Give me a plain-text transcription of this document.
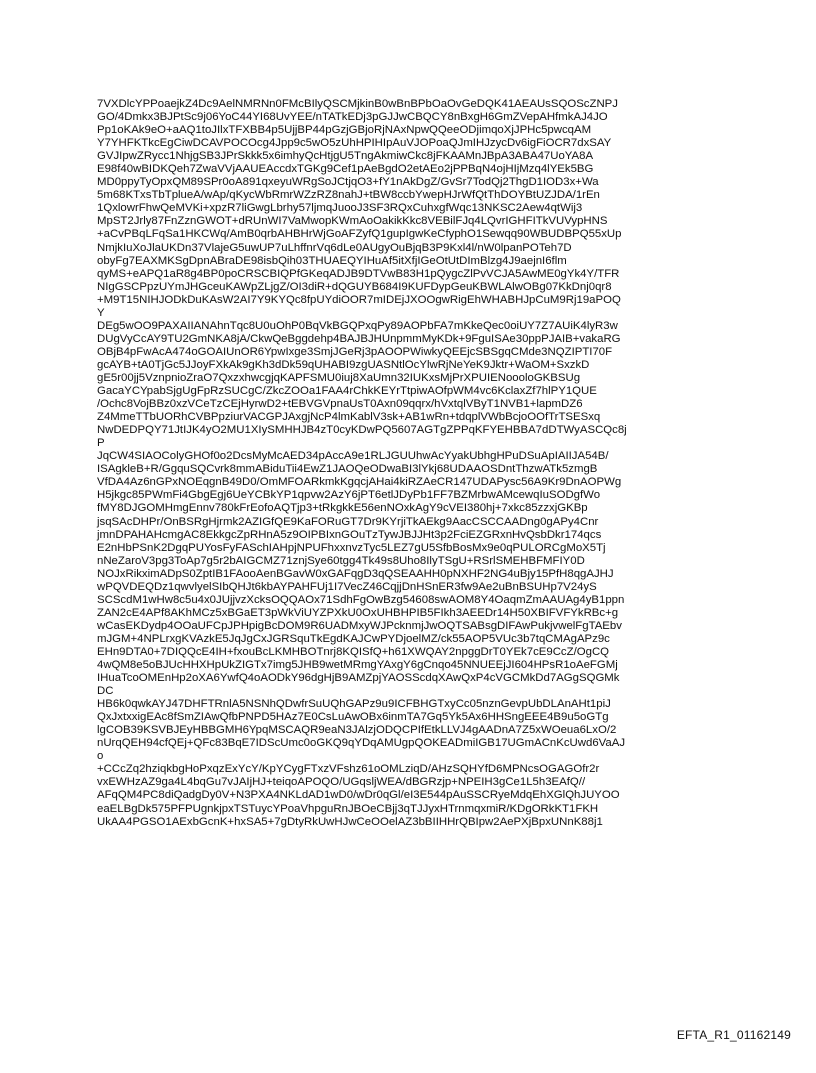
7VXDlcYPPoaejkZ4Dc9AelNMRNn0FMcBIlyQSCMjkinB0wBnBPbOaOvGeDQK41AEAUsSQOScZNPJ
GO/4Dmkx3BJPtSc9j06YoC44YI68UvYEE/nTATkEDj3pGJJwCBQCY8nBxgH6GmZVepAHfmkAJ4JO
Pp1oKAk9eO+aAQ1toJIlxTFXBB4p5UjjBP44pGzjGBjoRjNAxNpwQQeeODjimqoXjJPHc5pwcqAM
Y7YHFKTkcEgCiwDCAVPOCOcg4Jpp9c5wO5zUhHPIHIpAuVJOPoaQJmIHJzycDv6igFiOCR7dxSAY
GVJIpwZRycc1NhjgSB3JPrSkkk5x6imhyQcHtjgU5TngAkmiwCkc8jFKAAMnJBpA3ABA47UoYA8A
E98f40wBIDKQeh7ZwaVVjAAUEAccdxTGKg9Cef1pAeBgdO2etAEo2jPPBqN4ojHIjMzq4lYEk5BG
MD0ppyTyOpxQM89SPr0oA891qxeyuWRgSoJCtjqO3+fY1nAkDgZ/GvSr7TodQj2ThgD1IOD3x+Wa
5m68KTxsTbTplueA/wAp/qKycWbRmrWZzRZ8nahJ+tBW8ccbYwepHJrWfQtThDOYBtUZJDA/1rEn
1QxlowrFhwQeMVKi+xpzR7liGwgLbrhy57ljmqJuooJ3SF3RQxCuhxgfWqc13NKSC2Aew4qtWij3
MpST2Jrly87FnZznGWOT+dRUnWI7VaMwopKWmAoOakikKkc8VEBilFJq4LQvrIGHFITkVUVypHNS
+aCvPBqLFqSa1HKCWq/AmB0qrbAHBHrWjGoAFZyfQ1gupIgwKeCfyphO1Sewqq90WBUDBPQ55xUp
NmjkIuXoJlaUKDn37VlajeG5uwUP7uLhffnrVq6dLe0AUgyOuBjqB3P9Kxl4l/nW0lpanPOTeh7D
obyFg7EAXMKSgDpnABraDE98isbQih03THUAEQYIHuAf5itXfjIGeOtUtDImBlzg4J9aejnI6flm
qyMS+eAPQ1aR8g4BP0poCRSCBIQPfGKeqADJB9DTVwB83H1pQygcZlPvVCJA5AwME0gYk4Y/TFR
NIgGSCPpzUYmJHGceuKAWpZLjgZ/OI3diR+dQGUYB684I9KUFDypGeuKBWLAlwOBg07KkDnj0qr8
+M9T15NIHJODkDuKAsW2AI7Y9KYQc8fpUYdiOOR7mIDEjJXOOgwRigEhWHABHJpCuM9Rj19aPOQ
Y
DEg5wOO9PAXAIIANAhnTqc8U0uOhP0BqVkBGQPxqPy89AOPbFA7mKkeQec0oiUY7Z7AUiK4lyR3w
DUgVyCcAY9TU2GmNKA8jA/CkwQeBggdehp4BAJBJHUnpmmMyKDk+9FguISAe30ppPJAIB+vakaRG
OBjB4pFwAcA474oGOAIUnOR6YpwIxge3SmjJGeRj3pAOOPWiwkyQEEjcSBSgqCMde3NQZIPTI70F
gcAYB+tA0TjGc5JJoyFXkAk9gKh3dDk59qUHABI9zgUASNtlOcYlwRjNeYeK9Jktr+WaOM+SxzkD
gE5r00jj5VznpnioZraO7QxzxhwcgjqKAPFSMU0iuj8XaUmn32IUKxsMjPrXPUIENoooloGKBSUg
GacaYCYpabSjgUgFpRzSUCgC/ZkcZOOa1FAA4rChkKEYrTtpiwAOfpWM4vc6KclaxZf7hlPY1QUE
/Ochc8VojBBz0xzVCeTzCEjHyrwD2+tEBVGVpnaUsT0Axn09qqrx/hVxtqlVByT1NVB1+lapmDZ6
Z4MmeTTbUORhCVBPpziurVACGPJAxgjNcP4lmKablV3sk+AB1wRn+tdqplVWbBcjoOOfTrTSESxq
NwDEDPQY71JtIJK4yO2MU1XIySMHHJB4zT0cyKDwPQ5607AGTgZPPqKFYEHBBA7dDTWyASCQc8j
P
JqCW4SIAOColyGHOf0o2DcsMyMcAED34pAccA9e1RLJGUUhwAcYyakUbhgHPuDSuApIAIIJA54B/
ISAgkleB+R/GgquSQCvrk8mmABiduTii4EwZ1JAOQeODwaBI3lYkj68UDAAOSDntThzwATk5zmgB
VfDA4Az6nGPxNOEqgnB49D0/OmMFOARkmkKgqcjAHai4kiRZAeCR147UDAPysc56A9Kr9DnAOPWg
H5jkgc85PWmFi4GbgEgj6UeYCBkYP1qpvw2AzY6jPT6etlJDyPb1FF7BZMrbwAMcewqIuSODgfWo
fMY8DJGOMHmgEnnv780kFrEofoAQTjp3+tRkgkkE56enNOxkAgY9cVEI380hj+7xkc85zzxjGKBp
jsqSAcDHPr/OnBSRgHjrmk2AZIGfQE9KaFORuGT7Dr9KYrjiTkAEkg9AacCSCCAADng0gAPy4Cnr
jmnDPAHAHcmgAC8EkkgcZpRHnA5z9OIPBIxnGOuTzTywJBJJHt3p2FciEZGRxnHvQsbDkr174qcs
E2nHbPSnK2DgqPUYosFyFASchIAHpjNPUFhxxnvzTyc5LEZ7gU5SfbBosMx9e0qPULORCgMoX5Tj
nNeZaroV3pg3ToAp7g5r2bAIGCMZ71znjSye60tgg4Tk49s8Uho8IlyTSgU+RSrlSMEHBFMFIY0D
NOJxRikximADpS0ZptIB1FAooAenBGavW0xGAFqgD3qQSEAAHH0pNXHF2NG4uBjy15PfH8qgAJHJ
wPQVDEQDz1qwvlyelSIbQHJt6kbAYPAHFUj1I7VecZ46CqjjDnHSnER3fw9Ae2uBnBSUHp7V24yS
SCScdM1wHw8c5u4x0JUjjvzXcksOQQAOx71SdhFgOwBzg54608swAOM8Y4OaqmZmAAUAg4yB1ppn
ZAN2cE4APf8AKhMCz5xBGaET3pWkViUYZPXkU0OxUHBHPIB5FIkh3AEEDr14H50XBIFVFYkRBc+g
wCasEKDydp4OOaUFCpJPHpigBcDOM9R6UADMxyWJPcknmjJwOQTSABsgDIFAwPukjvwelFgTAEbv
mJGM+4NPLrxgKVAzkE5JqJgCxJGRSquTkEgdKAJCwPYDjoelMZ/ck55AOP5VUc3b7tqCMAgAPz9c
EHn9DTA0+7DIQQcE4IH+fxouBcLKMHBOTnrj8KQISfQ+h61XWQAY2npggDrT0YEk7cE9CcZ/OgCQ
4wQM8e5oBJUcHHXHpUkZIGTx7img5JHB9wetMRmgYAxgY6gCnqo45NNUEEjJI604HPsR1oAeFGMj
IHuaTcoOMEnHp2oXA6YwfQ4oAODkY96dgHjB9AMZpjYAOSScdqXAwQxP4cVGCMkDd7AGgSQGMk
DC
HB6k0qwkAYJ47DHFTRnlA5NSNhQDwfrSuUQhGAPz9u9ICFBHGTxyCc05nznGevpUbDLAnAHt1piJ
QxJxtxxigEAc8fSmZIAwQfbPNPD5HAz7E0CsLuAwOBx6inmTA7Gq5Yk5Ax6HHSngEEE4B9u5oGTg
lgCOB39KSVBJEyHBBGMH6YpqMSCAQR9eaN3JAlzjODQCPIfEtkLLVJ4gAADnA7Z5xWOeua6LxO/2
nUrqQEH94cfQEj+QFc83BqE7IDScUmc0oGKQ9qYDqAMUgpQOKEADmiIGB17UGmACnKcUwd6VaAJ
o
+CCcZq2hziqkbgHoPxqzExYcY/KpYCygFTxzVFshz61oOMLziqD/AHzSQHYfD6MPNcsOGAGOfr2r
vxEWHzAZ9ga4L4bqGu7vJAIjHJ+teiqoAPOQO/UGqsljWEA/dBGRzjp+NPEIH3gCe1L5h3EAfQ//
AFqQM4PC8diQadgDy0V+N3PXA4NKLdAD1wD0/wDr0qGl/eI3E544pAuSSCRyeMdqEhXGlQhJUYOO
eaELBgDk575PFPUgnkjpxTSTuycYPoaVhpguRnJBOeCBjj3qTJJyxHTrnmqxmiR/KDgORkKT1FKH
UkAA4PGSO1AExbGcnK+hxSA5+7gDtyRkUwHJwCeOOelAZ3bBIIHHrQBIpw2AePXjBpxUNnK88j1
EFTA_R1_01162149
